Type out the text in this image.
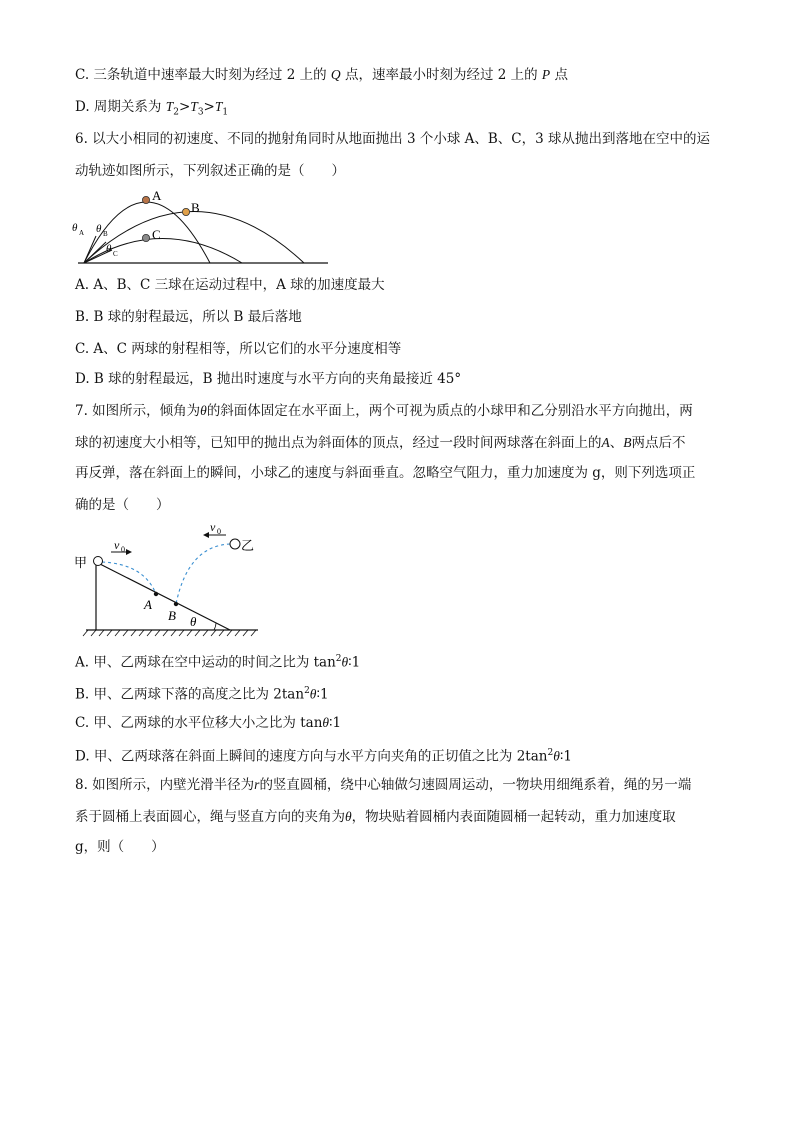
C. 三条轨道中速率最大时刻为经过 2 上的 Q 点，速率最小时刻为经过 2 上的 P 点
D. 周期关系为 $T_2>T_3>T_1$
6. 以大小相同的初速度、不同的抛射角同时从地面抛出 3 个小球 A、B、C，3 球从抛出到落地在空中的运
动轨迹如图所示，下列叙述正确的是（　　）
A
B
C
θ A θ B
θ C
A. A、B、C 三球在运动过程中，A 球的加速度最大
B. B 球的射程最远，所以 B 最后落地
C. A、C 两球的射程相等，所以它们的水平分速度相等
D. B 球的射程最远，B 抛出时速度与水平方向的夹角最接近 45°
7. 如图所示，倾角为θ的斜面体固定在水平面上，两个可视为质点的小球甲和乙分别沿水平方向抛出，两
球的初速度大小相等，已知甲的抛出点为斜面体的顶点，经过一段时间两球落在斜面上的A、B两点后不
再反弹，落在斜面上的瞬间，小球乙的速度与斜面垂直。忽略空气阻力，重力加速度为 g，则下列选项正
确的是（　　）
甲
乙
v 0
v 0
A
B θ
A. 甲、乙两球在空中运动的时间之比为 $\tan^2\theta∶1$
B. 甲、乙两球下落的高度之比为 $2\tan^2\theta∶1$
C. 甲、乙两球的水平位移大小之比为 tanθ∶1
D. 甲、乙两球落在斜面上瞬间的速度方向与水平方向夹角的正切值之比为 $2\tan^2\theta∶1$
8. 如图所示，内壁光滑半径为r的竖直圆桶，绕中心轴做匀速圆周运动，一物块用细绳系着，绳的另一端
系于圆桶上表面圆心，绳与竖直方向的夹角为θ，物块贴着圆桶内表面随圆桶一起转动，重力加速度取
g，则（　　）
